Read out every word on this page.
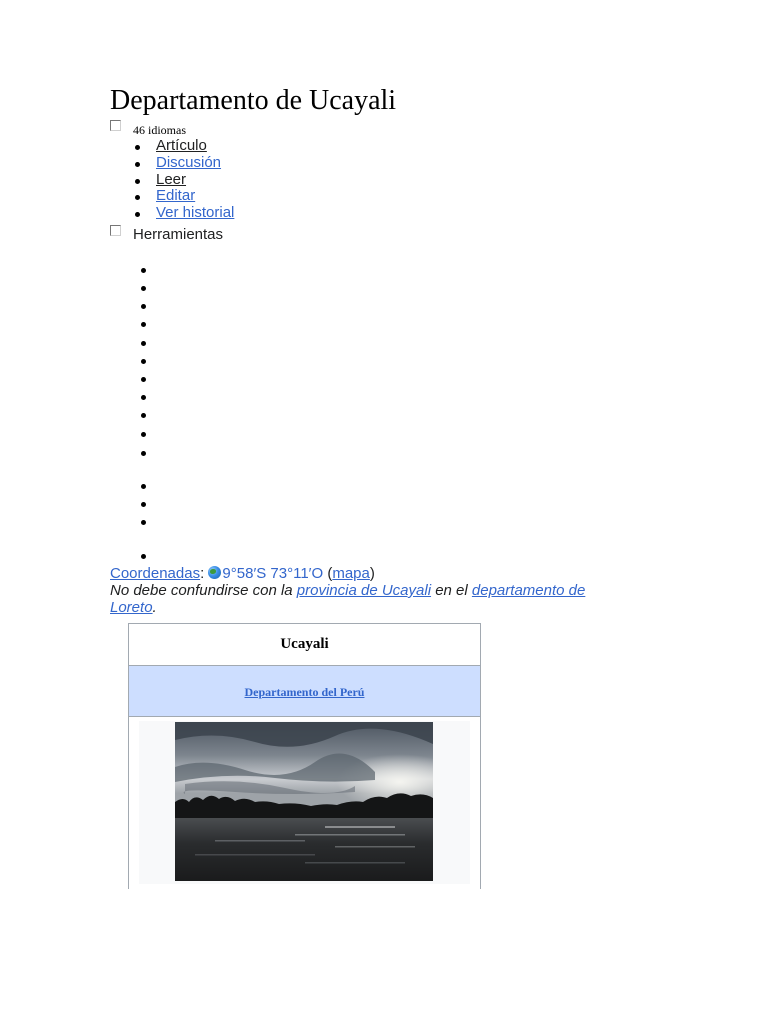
Departamento de Ucayali
46 idiomas
Artículo
Discusión
Leer
Editar
Ver historial
Herramientas
Coordenadas: 9°58′S 73°11′O (mapa)
No debe confundirse con la provincia de Ucayali en el departamento de Loreto.
Ucayali
Departamento del Perú
